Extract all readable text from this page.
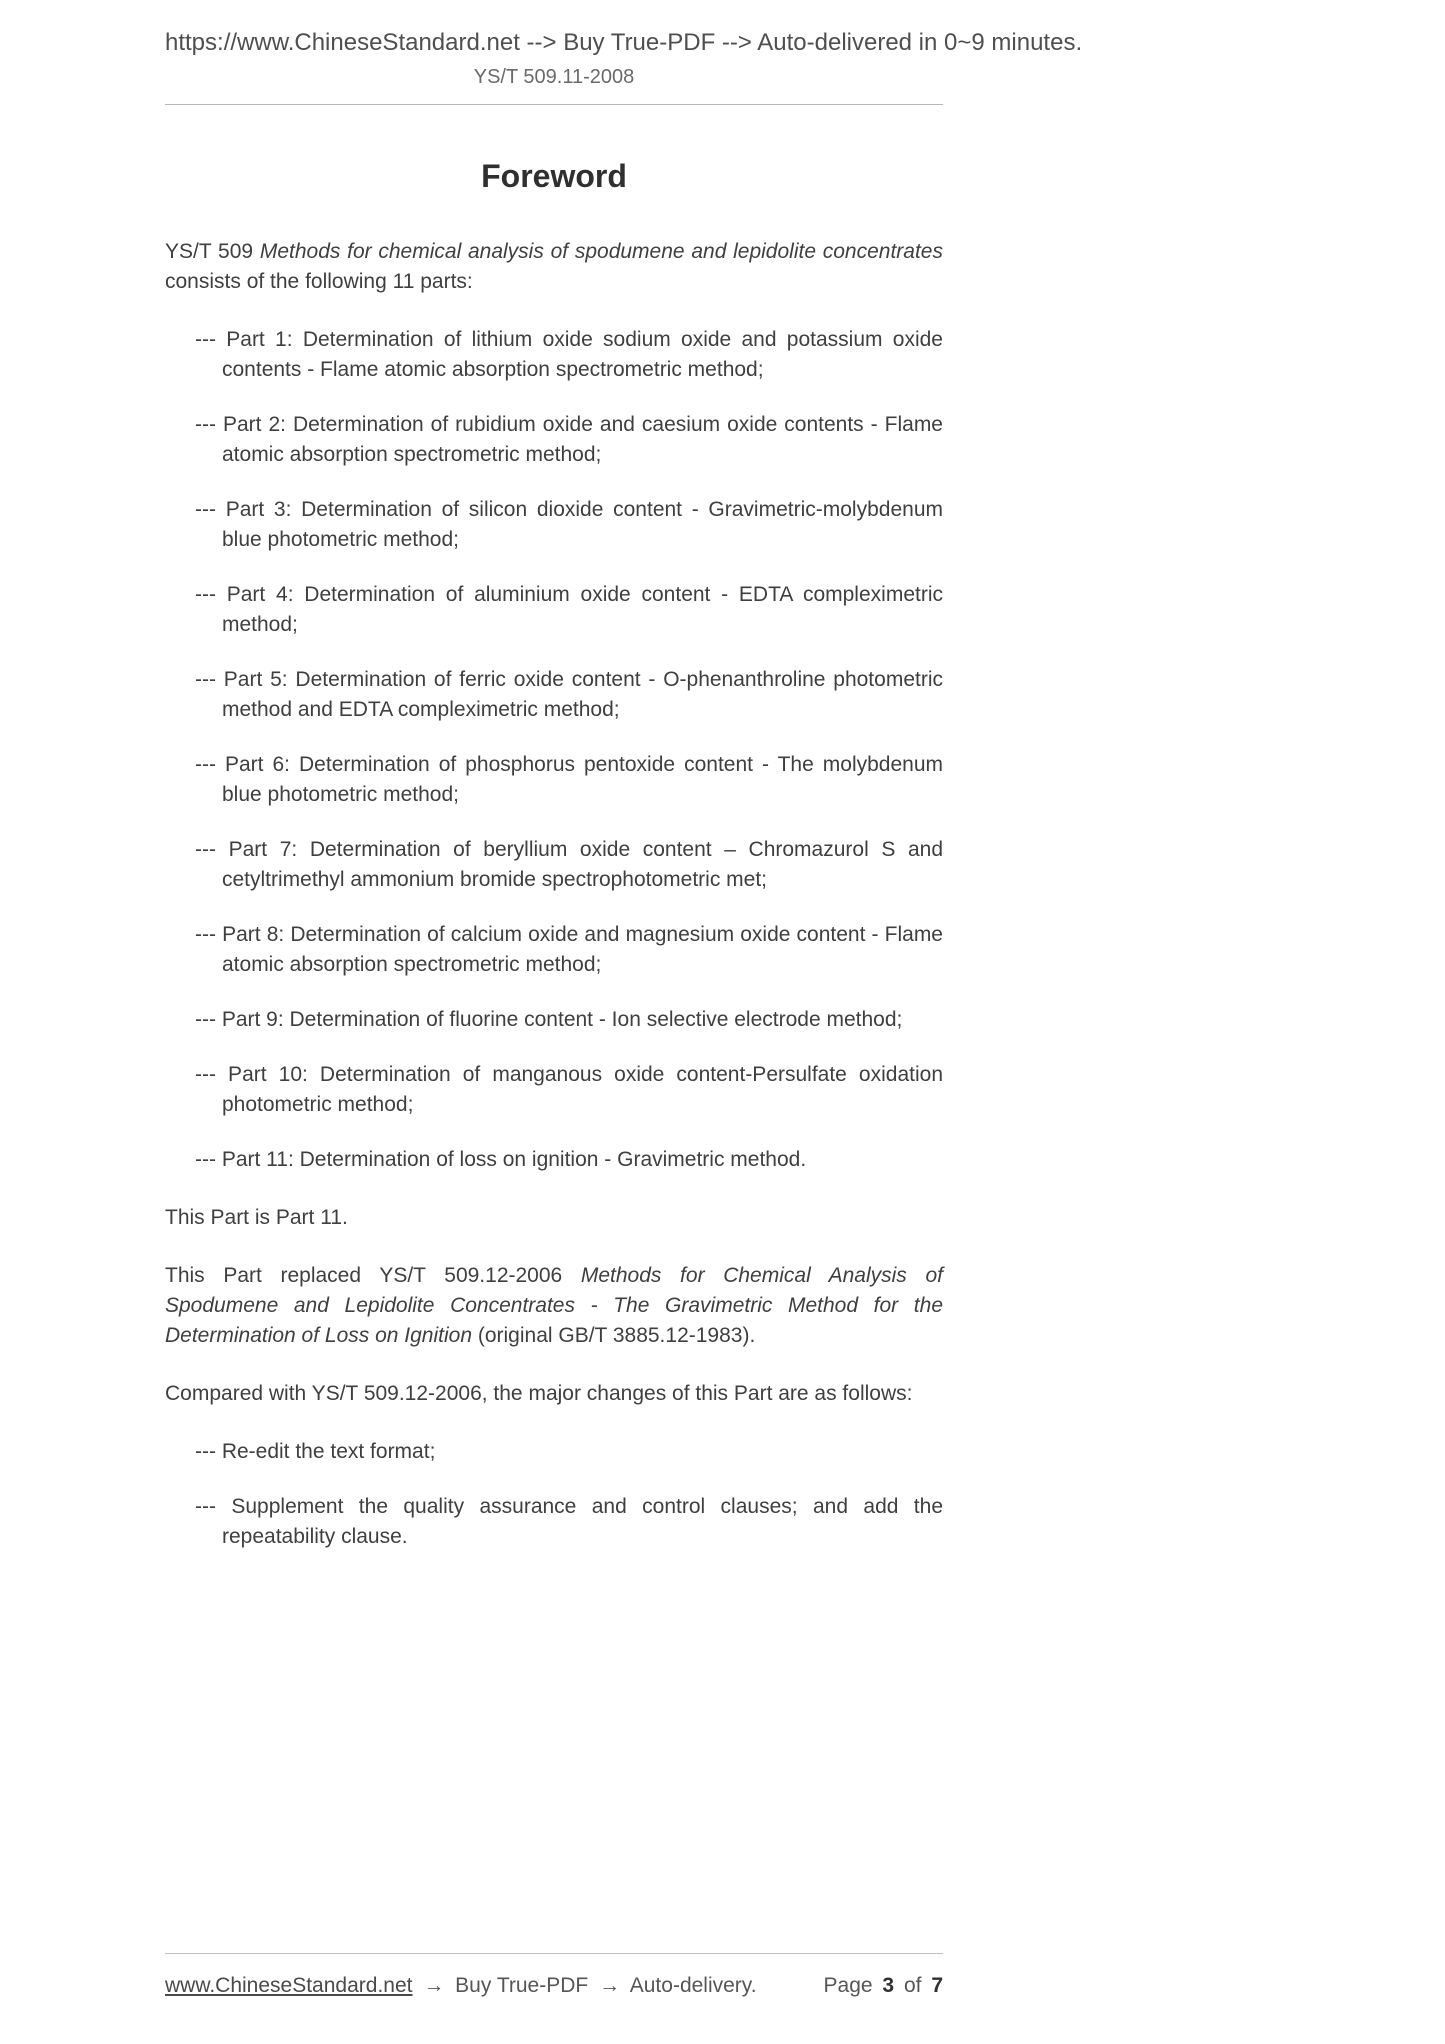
https://www.ChineseStandard.net --> Buy True-PDF --> Auto-delivered in 0~9 minutes.
YS/T 509.11-2008
Foreword

YS/T 509 Methods for chemical analysis of spodumene and lepidolite concentrates consists of the following 11 parts:

--- Part 1: Determination of lithium oxide sodium oxide and potassium oxide contents - Flame atomic absorption spectrometric method;
--- Part 2: Determination of rubidium oxide and caesium oxide contents - Flame atomic absorption spectrometric method;
--- Part 3: Determination of silicon dioxide content - Gravimetric-molybdenum blue photometric method;
--- Part 4: Determination of aluminium oxide content - EDTA compleximetric method;
--- Part 5: Determination of ferric oxide content - O-phenanthroline photometric method and EDTA compleximetric method;
--- Part 6: Determination of phosphorus pentoxide content - The molybdenum blue photometric method;
--- Part 7: Determination of beryllium oxide content – Chromazurol S and cetyltrimethyl ammonium bromide spectrophotometric met;
--- Part 8: Determination of calcium oxide and magnesium oxide content - Flame atomic absorption spectrometric method;
--- Part 9: Determination of fluorine content - Ion selective electrode method;
--- Part 10: Determination of manganous oxide content-Persulfate oxidation photometric method;
--- Part 11: Determination of loss on ignition - Gravimetric method.

This Part is Part 11.

This Part replaced YS/T 509.12-2006 Methods for Chemical Analysis of Spodumene and Lepidolite Concentrates - The Gravimetric Method for the Determination of Loss on Ignition (original GB/T 3885.12-1983).

Compared with YS/T 509.12-2006, the major changes of this Part are as follows:

--- Re-edit the text format;
--- Supplement the quality assurance and control clauses; and add the repeatability clause.
www.ChineseStandard.net → Buy True-PDF → Auto-delivery.	Page 3 of 7
